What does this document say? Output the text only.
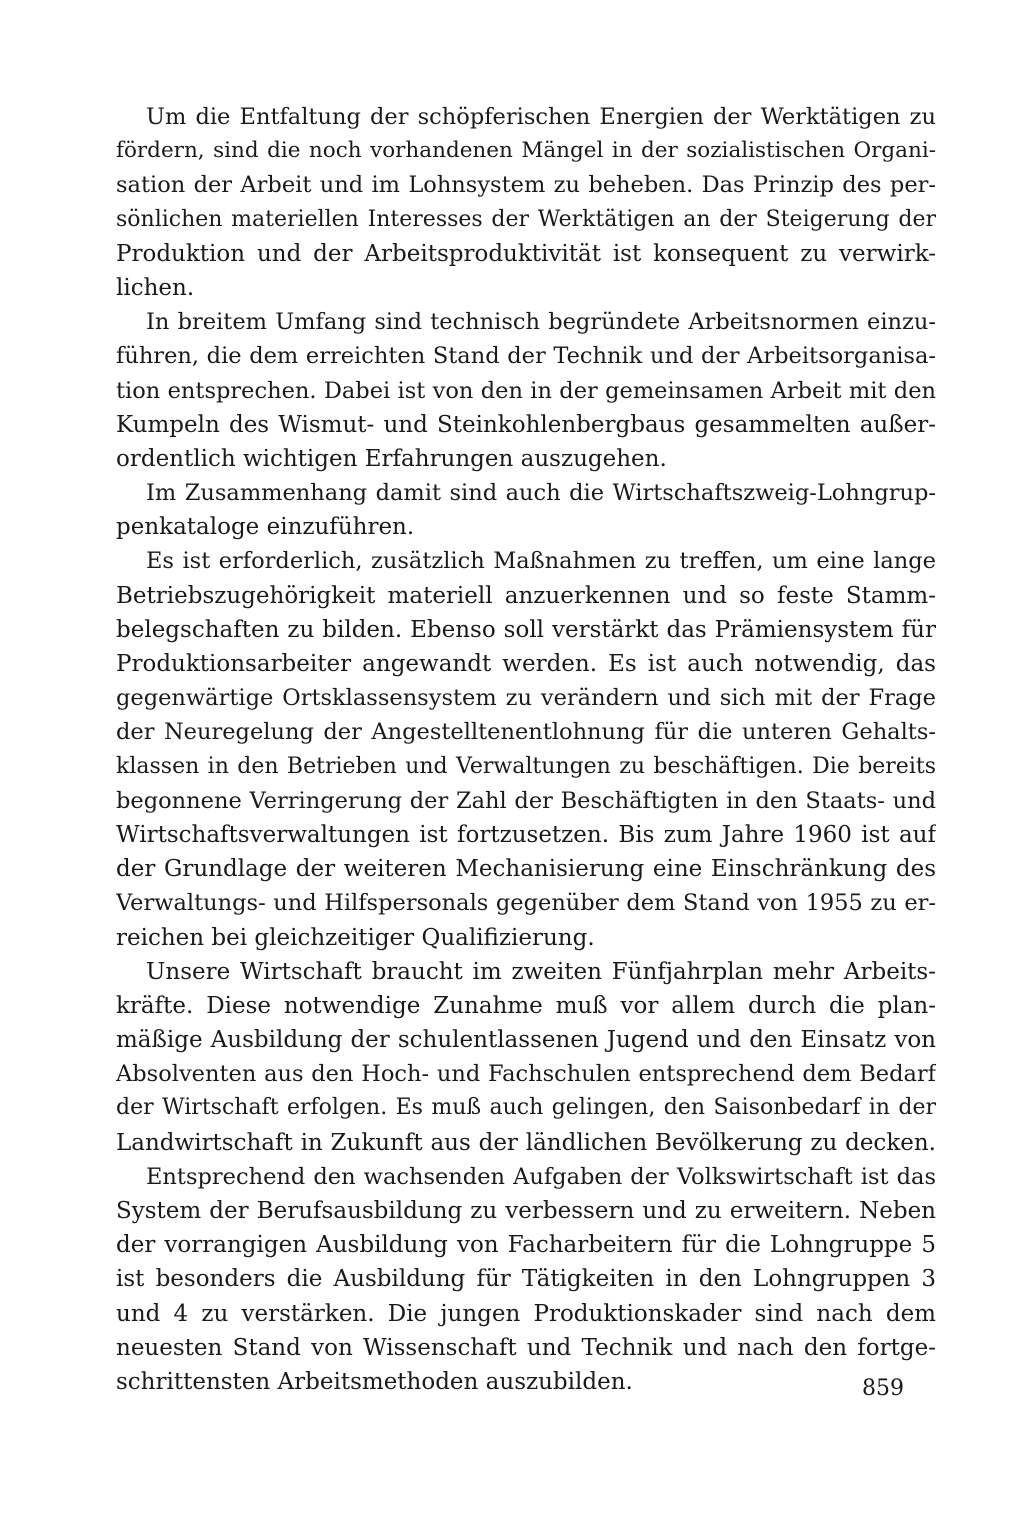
Um die Entfaltung der schöpferischen Energien der Werktätigen zu
fördern, sind die noch vorhandenen Mängel in der sozialistischen Organi-
sation der Arbeit und im Lohnsystem zu beheben. Das Prinzip des per-
sönlichen materiellen Interesses der Werktätigen an der Steigerung der
Produktion und der Arbeitsproduktivität ist konsequent zu verwirk-
lichen.
In breitem Umfang sind technisch begründete Arbeitsnormen einzu-
führen, die dem erreichten Stand der Technik und der Arbeitsorganisa-
tion entsprechen. Dabei ist von den in der gemeinsamen Arbeit mit den
Kumpeln des Wismut- und Steinkohlenbergbaus gesammelten außer-
ordentlich wichtigen Erfahrungen auszugehen.
Im Zusammenhang damit sind auch die Wirtschaftszweig-Lohngrup-
penkataloge einzuführen.
Es ist erforderlich, zusätzlich Maßnahmen zu treffen, um eine lange
Betriebszugehörigkeit materiell anzuerkennen und so feste Stamm-
belegschaften zu bilden. Ebenso soll verstärkt das Prämiensystem für
Produktionsarbeiter angewandt werden. Es ist auch notwendig, das
gegenwärtige Ortsklassensystem zu verändern und sich mit der Frage
der Neuregelung der Angestelltenentlohnung für die unteren Gehalts-
klassen in den Betrieben und Verwaltungen zu beschäftigen. Die bereits
begonnene Verringerung der Zahl der Beschäftigten in den Staats- und
Wirtschaftsverwaltungen ist fortzusetzen. Bis zum Jahre 1960 ist auf
der Grundlage der weiteren Mechanisierung eine Einschränkung des
Verwaltungs- und Hilfspersonals gegenüber dem Stand von 1955 zu er-
reichen bei gleichzeitiger Qualifizierung.
Unsere Wirtschaft braucht im zweiten Fünfjahrplan mehr Arbeits-
kräfte. Diese notwendige Zunahme muß vor allem durch die plan-
mäßige Ausbildung der schulentlassenen Jugend und den Einsatz von
Absolventen aus den Hoch- und Fachschulen entsprechend dem Bedarf
der Wirtschaft erfolgen. Es muß auch gelingen, den Saisonbedarf in der
Landwirtschaft in Zukunft aus der ländlichen Bevölkerung zu decken.
Entsprechend den wachsenden Aufgaben der Volkswirtschaft ist das
System der Berufsausbildung zu verbessern und zu erweitern. Neben
der vorrangigen Ausbildung von Facharbeitern für die Lohngruppe 5
ist besonders die Ausbildung für Tätigkeiten in den Lohngruppen 3
und 4 zu verstärken. Die jungen Produktionskader sind nach dem
neuesten Stand von Wissenschaft und Technik und nach den fortge-
schrittensten Arbeitsmethoden auszubilden.	859
